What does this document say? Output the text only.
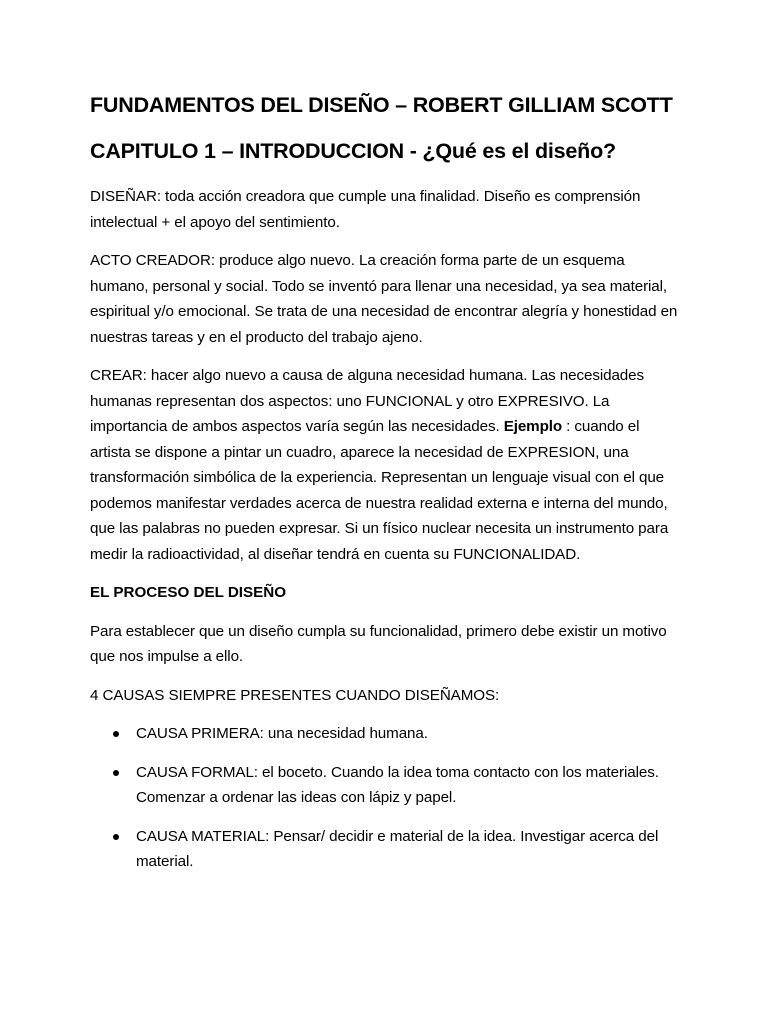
FUNDAMENTOS DEL DISEÑO – ROBERT GILLIAM SCOTT
CAPITULO 1 – INTRODUCCION - ¿Qué es el diseño?

DISEÑAR: toda acción creadora que cumple una finalidad. Diseño es comprensión intelectual + el apoyo del sentimiento.

ACTO CREADOR: produce algo nuevo. La creación forma parte de un esquema humano, personal y social. Todo se inventó para llenar una necesidad, ya sea material, espiritual y/o emocional. Se trata de una necesidad de encontrar alegría y honestidad en nuestras tareas y en el producto del trabajo ajeno.

CREAR: hacer algo nuevo a causa de alguna necesidad humana. Las necesidades humanas representan dos aspectos: uno FUNCIONAL y otro EXPRESIVO. La importancia de ambos aspectos varía según las necesidades. Ejemplo : cuando el artista se dispone a pintar un cuadro, aparece la necesidad de EXPRESION, una transformación simbólica de la experiencia. Representan un lenguaje visual con el que podemos manifestar verdades acerca de nuestra realidad externa e interna del mundo, que las palabras no pueden expresar. Si un físico nuclear necesita un instrumento para medir la radioactividad, al diseñar tendrá en cuenta su FUNCIONALIDAD.

EL PROCESO DEL DISEÑO

Para establecer que un diseño cumpla su funcionalidad, primero debe existir un motivo que nos impulse a ello.

4 CAUSAS SIEMPRE PRESENTES CUANDO DISEÑAMOS:

CAUSA PRIMERA: una necesidad humana.
CAUSA FORMAL: el boceto. Cuando la idea toma contacto con los materiales. Comenzar a ordenar las ideas con lápiz y papel.
CAUSA MATERIAL: Pensar/ decidir e material de la idea. Investigar acerca del material.
